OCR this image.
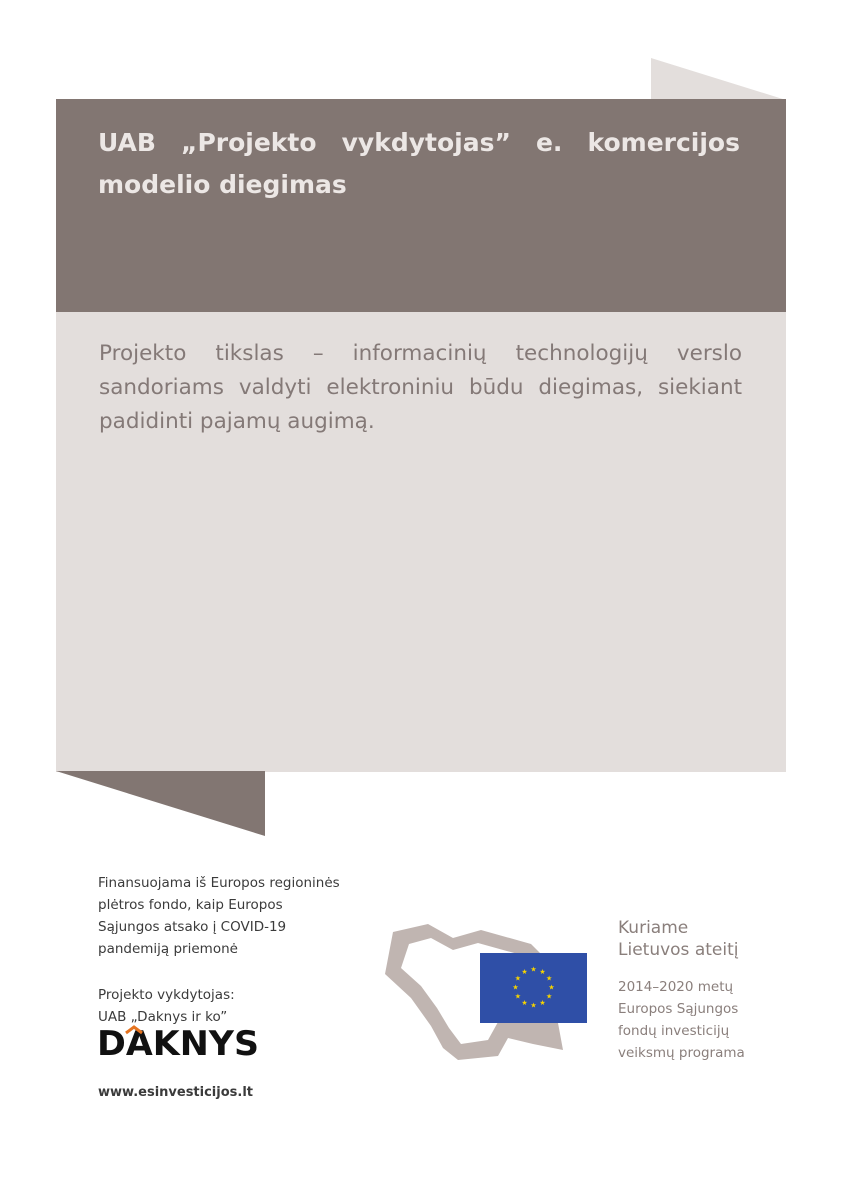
UAB „Projekto vykdytojas” e. komercijos modelio diegimas

Projekto tikslas – informacinių technologijų verslo sandoriams valdyti elektroniniu būdu diegimas, siekiant padidinti pajamų augimą.

Finansuojama iš Europos regioninės
plėtros fondo, kaip Europos
Sąjungos atsako į COVID-19
pandemiją priemonė

Projekto vykdytojas:
UAB „Daknys ir ko”
DAKNYS

www.esinvesticijos.lt

★ ★
★
★
★
★
★
★
★
★
★
★

Kuriame
Lietuvos ateitį

2014–2020 metų
Europos Sąjungos
fondų investicijų
veiksmų programa
